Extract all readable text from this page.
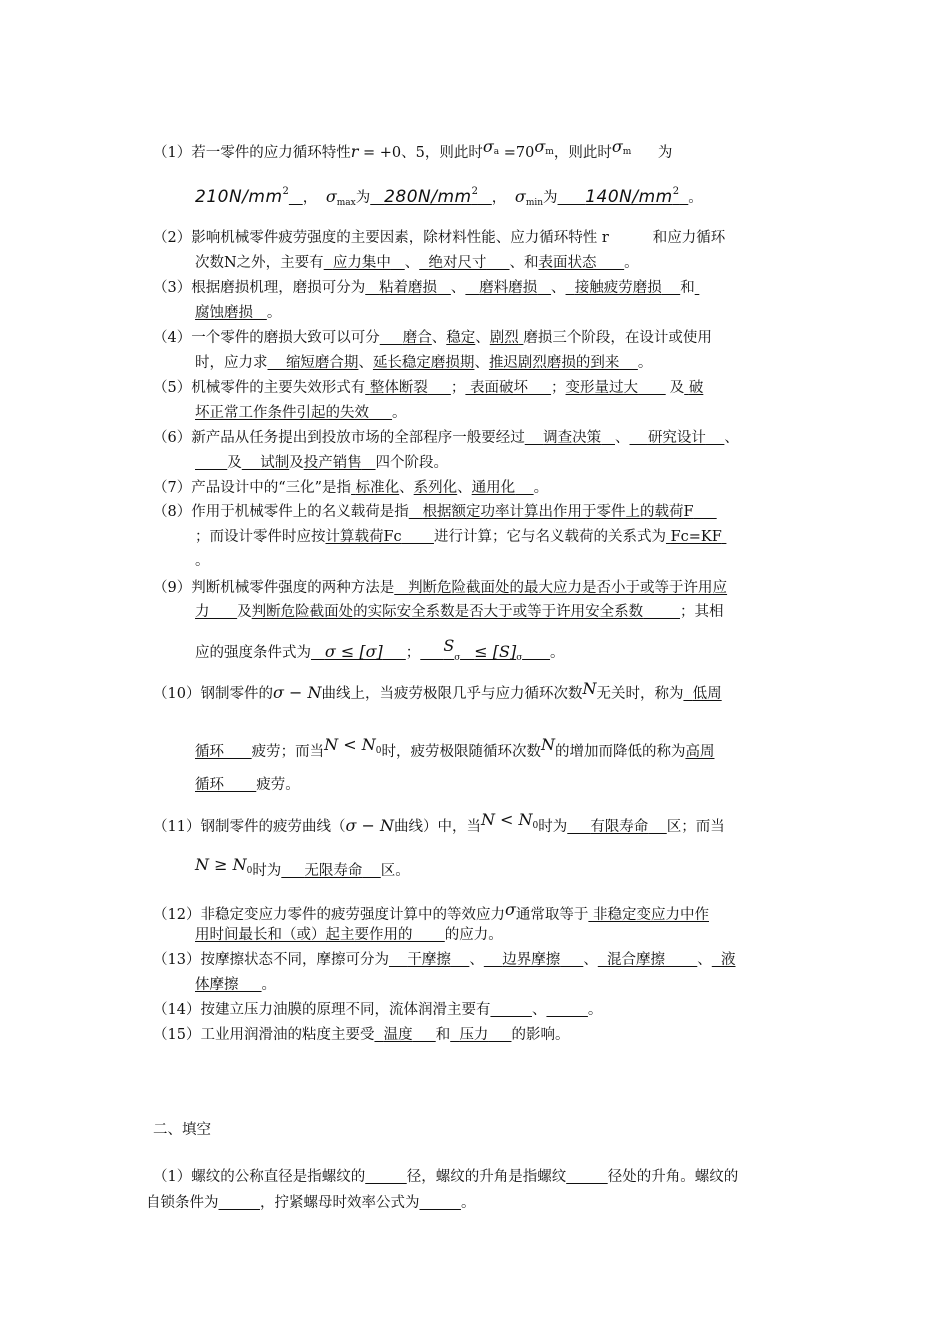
（1）若一零件的应力循环特性r = +0、5，则此时$\sigma^a =70\sigma^m$，则此时$\sigma^m$ 为
$210N/mm^2$ ， $\sigma_{max}$为 $280N/mm^2$ ， $\sigma_{min}$为 $140N/mm^2$ 。
（2）影响机械零件疲劳强度的主要因素，除材料性能、应力循环特性 r	和应力循环
次数N之外，主要有 应力集中 、 绝对尺寸 、和表面状态 。
（3）根据磨损机理，磨损可分为 粘着磨损 、 磨料磨损 、 接触疲劳磨损 和
腐蚀磨损 。
（4）一个零件的磨损大致可以可分 磨合、稳定、剧烈 磨损三个阶段，在设计或使用
时，应力求 缩短磨合期、延长稳定磨损期、推迟剧烈磨损的到来 。
（5）机械零件的主要失效形式有 整体断裂 ； 表面破坏 ；变形量过大 及 破
坏正常工作条件引起的失效 。
（6）新产品从任务提出到投放市场的全部程序一般要经过 调查决策 、 研究设计 、
及 试制及投产销售 四个阶段。
（7）产品设计中的“三化”是指 标准化、系列化、通用化 。
（8）作用于机械零件上的名义载荷是指 根据额定功率计算出作用于零件上的载荷F
；而设计零件时应按计算载荷Fc 进行计算；它与名义载荷的关系式为 Fc=KF
。
（9）判断机械零件强度的两种方法是 判断危险截面处的最大应力是否小于或等于许用应
力 及判断危险截面处的实际安全系数是否大于或等于许用安全系数	；其相
应的强度条件式为 σ ≤ [σ] ； $S_\sigma \le [S]_\sigma$ 。
（10）钢制零件的σ − N曲线上，当疲劳极限几乎与应力循环次数N无关时，称为 低周
循环 疲劳；而当$N < N^0$时，疲劳极限随循环次数N的增加而降低的称为高周
循环 疲劳。
（11）钢制零件的疲劳曲线（σ − N曲线）中，当$N < N^0$时为 有限寿命 区；而当
$N \ge N^0$时为 无限寿命 区。
（12）非稳定变应力零件的疲劳强度计算中的等效应力σ通常取等于 非稳定变应力中作
用时间最长和（或）起主要作用的 的应力。
（13）按摩擦状态不同，摩擦可分为 干摩擦 、 边界摩擦 、 混合摩擦 、 液
体摩擦 。
（14）按建立压力油膜的原理不同，流体润滑主要有	、	。
（15）工业用润滑油的粘度主要受 温度 和 压力 的影响。
二、填空
（1）螺纹的公称直径是指螺纹的	径，螺纹的升角是指螺纹	径处的升角。螺纹的
自锁条件为	，拧紧螺母时效率公式为	。
